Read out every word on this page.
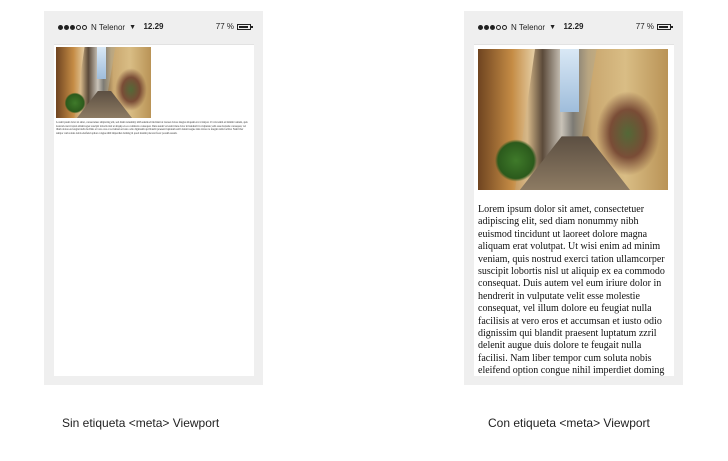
N Telenor ▼ 12.29	77 %
Lorem ipsum dolor sit amet, consectetuer adipiscing elit, sed diam nonummy nibh euismod tincidunt ut laoreet dolore magna aliquam erat volutpat. Ut wisi enim ad minim veniam, quis nostrud exerci tation ullamcorper suscipit lobortis nisl ut aliquip ex ea commodo consequat. Duis autem vel eum iriure dolor in hendrerit in vulputate velit esse molestie consequat, vel illum dolore eu feugiat nulla facilisis at vero eros et accumsan et iusto odio dignissim qui blandit praesent luptatum zzril delenit augue duis dolore te feugait nulla facilisi. Nam liber tempor cum soluta nobis eleifend option congue nihil imperdiet doming id quod mazim placerat facer possim assum.
N Telenor ▼ 12.29	77 %
Lorem ipsum dolor sit amet, consectetuer adipiscing elit, sed diam nonummy nibh euismod tincidunt ut laoreet dolore magna aliquam erat volutpat. Ut wisi enim ad minim veniam, quis nostrud exerci tation ullamcorper suscipit lobortis nisl ut aliquip ex ea commodo consequat. Duis autem vel eum iriure dolor in hendrerit in vulputate velit esse molestie consequat, vel illum dolore eu feugiat nulla facilisis at vero eros et accumsan et iusto odio dignissim qui blandit praesent luptatum zzril delenit augue duis dolore te feugait nulla facilisi. Nam liber tempor cum soluta nobis eleifend option congue nihil imperdiet doming
Sin etiqueta <meta> Viewport	Con etiqueta <meta> Viewport
